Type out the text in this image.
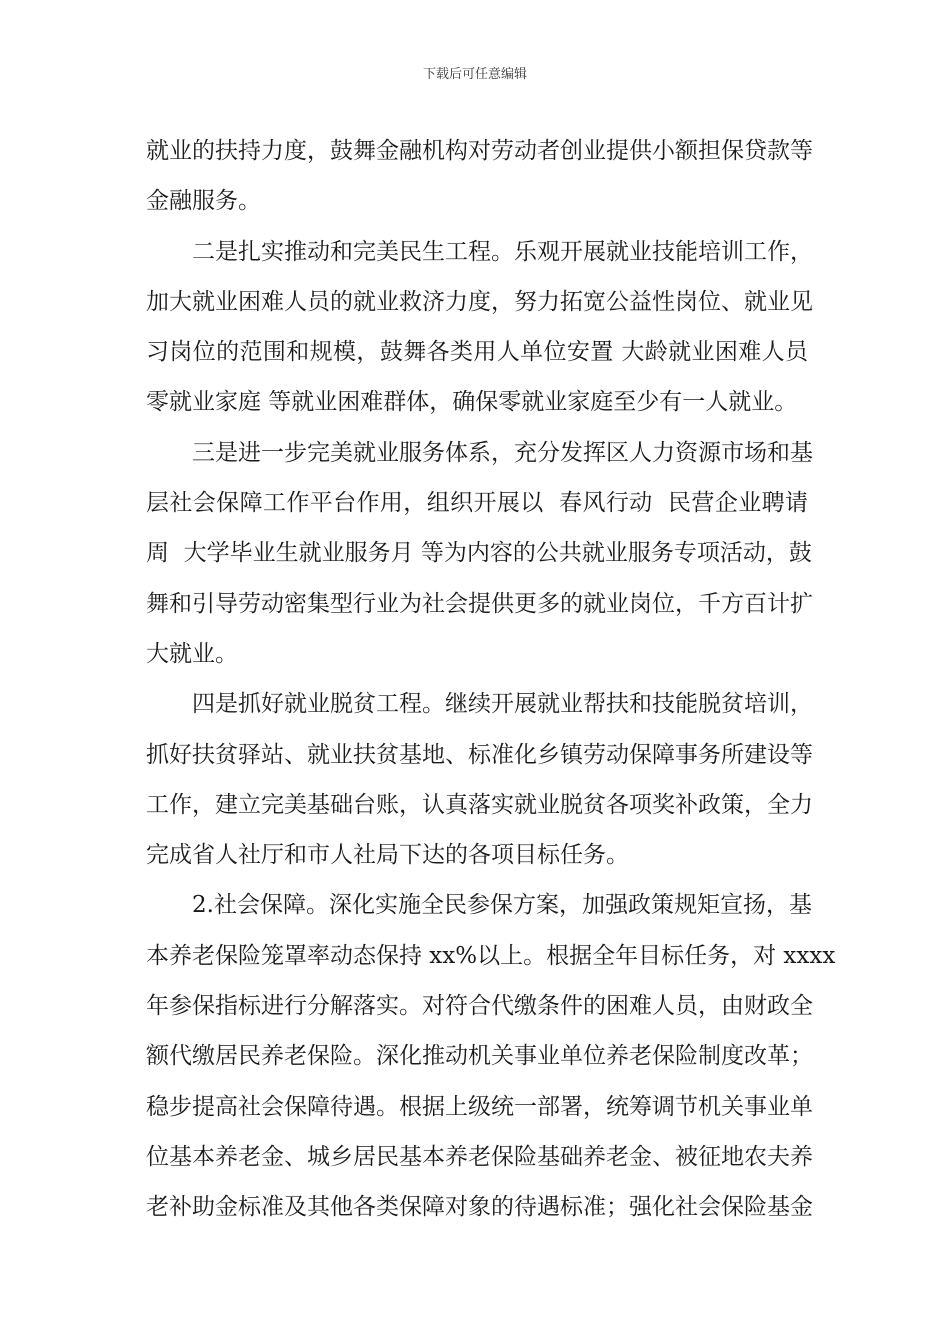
下载后可任意编辑
就业的扶持力度，鼓舞金融机构对劳动者创业提供小额担保贷款等
金融服务。
二是扎实推动和完美民生工程。乐观开展就业技能培训工作，
加大就业困难人员的就业救济力度，努力拓宽公益性岗位、就业见
习岗位的范围和规模，鼓舞各类用人单位安置 大龄就业困难人员
零就业家庭 等就业困难群体，确保零就业家庭至少有一人就业。
三是进一步完美就业服务体系，充分发挥区人力资源市场和基
层社会保障工作平台作用，组织开展以  春风行动  民营企业聘请
周  大学毕业生就业服务月 等为内容的公共就业服务专项活动，鼓
舞和引导劳动密集型行业为社会提供更多的就业岗位，千方百计扩
大就业。
四是抓好就业脱贫工程。继续开展就业帮扶和技能脱贫培训，
抓好扶贫驿站、就业扶贫基地、标准化乡镇劳动保障事务所建设等
工作，建立完美基础台账，认真落实就业脱贫各项奖补政策，全力
完成省人社厅和市人社局下达的各项目标任务。
2.社会保障。深化实施全民参保方案，加强政策规矩宣扬，基
本养老保险笼罩率动态保持 xx%以上。根据全年目标任务，对 xxxx
年参保指标进行分解落实。对符合代缴条件的困难人员，由财政全
额代缴居民养老保险。深化推动机关事业单位养老保险制度改革；
稳步提高社会保障待遇。根据上级统一部署，统筹调节机关事业单
位基本养老金、城乡居民基本养老保险基础养老金、被征地农夫养
老补助金标准及其他各类保障对象的待遇标准；强化社会保险基金
